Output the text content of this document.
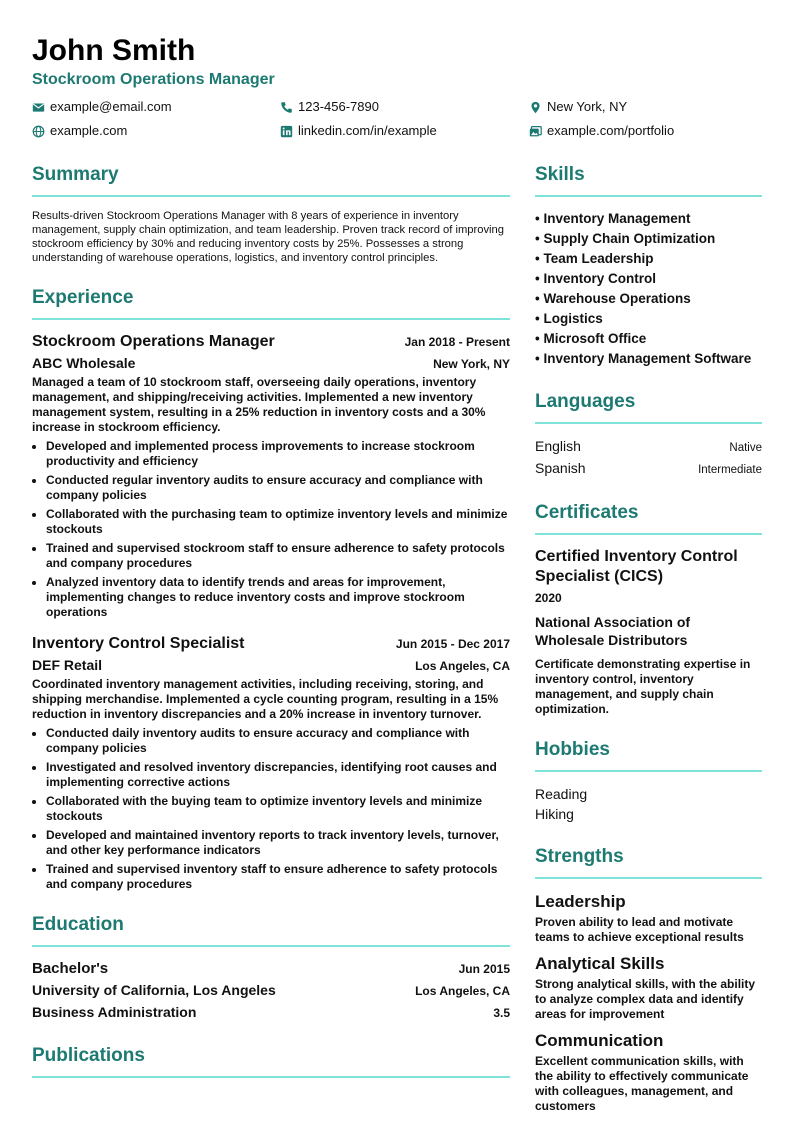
John Smith
Stockroom Operations Manager
example@email.com	123-456-7890	New York, NY
example.com	linkedin.com/in/example	example.com/portfolio
Summary

Results-driven Stockroom Operations Manager with 8 years of experience in inventory management, supply chain optimization, and team leadership. Proven track record of improving stockroom efficiency by 30% and reducing inventory costs by 25%. Possesses a strong understanding of warehouse operations, logistics, and inventory control principles.

Experience
Stockroom Operations Manager	Jan 2018 - Present
ABC Wholesale	New York, NY
Managed a team of 10 stockroom staff, overseeing daily operations, inventory management, and shipping/receiving activities. Implemented a new inventory management system, resulting in a 25% reduction in inventory costs and a 30% increase in stockroom efficiency.
• Developed and implemented process improvements to increase stockroom productivity and efficiency
• Conducted regular inventory audits to ensure accuracy and compliance with company policies
• Collaborated with the purchasing team to optimize inventory levels and minimize stockouts
• Trained and supervised stockroom staff to ensure adherence to safety protocols and company procedures
• Analyzed inventory data to identify trends and areas for improvement, implementing changes to reduce inventory costs and improve stockroom operations
Inventory Control Specialist	Jun 2015 - Dec 2017
DEF Retail	Los Angeles, CA
Coordinated inventory management activities, including receiving, storing, and shipping merchandise. Implemented a cycle counting program, resulting in a 15% reduction in inventory discrepancies and a 20% increase in inventory turnover.
• Conducted daily inventory audits to ensure accuracy and compliance with company policies
• Investigated and resolved inventory discrepancies, identifying root causes and implementing corrective actions
• Collaborated with the buying team to optimize inventory levels and minimize stockouts
• Developed and maintained inventory reports to track inventory levels, turnover, and other key performance indicators
• Trained and supervised inventory staff to ensure adherence to safety protocols and company procedures
Education
Bachelor's	Jun 2015
University of California, Los Angeles	Los Angeles, CA
Business Administration	3.5
Publications
Skills
• Inventory Management
• Supply Chain Optimization
• Team Leadership
• Inventory Control
• Warehouse Operations
• Logistics
• Microsoft Office
• Inventory Management Software
Languages
English	Native
Spanish	Intermediate
Certificates
Certified Inventory Control Specialist (CICS)
2020
National Association of Wholesale Distributors
Certificate demonstrating expertise in inventory control, inventory management, and supply chain optimization.
Hobbies
Reading
Hiking
Strengths
Leadership
Proven ability to lead and motivate teams to achieve exceptional results
Analytical Skills
Strong analytical skills, with the ability to analyze complex data and identify areas for improvement
Communication
Excellent communication skills, with the ability to effectively communicate with colleagues, management, and customers
